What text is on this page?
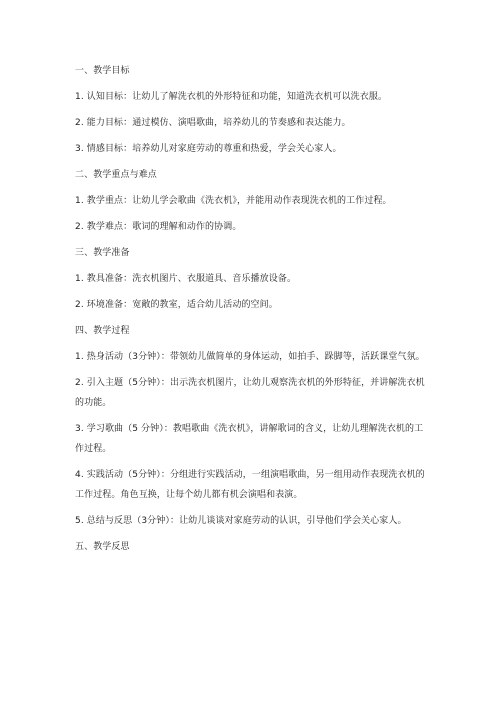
一、教学目标
1. 认知目标：让幼儿了解洗衣机的外形特征和功能，知道洗衣机可以洗衣服。
2. 能力目标：通过模仿、演唱歌曲，培养幼儿的节奏感和表达能力。
3. 情感目标：培养幼儿对家庭劳动的尊重和热爱，学会关心家人。
二、教学重点与难点
1. 教学重点：让幼儿学会歌曲《洗衣机》，并能用动作表现洗衣机的工作过程。
2. 教学难点：歌词的理解和动作的协调。
三、教学准备
1. 教具准备：洗衣机图片、衣服道具、音乐播放设备。
2. 环境准备：宽敞的教室，适合幼儿活动的空间。
四、教学过程
1. 热身活动（3分钟）：带领幼儿做简单的身体运动，如拍手、跺脚等，活跃课堂气氛。
2. 引入主题（5分钟）：出示洗衣机图片，让幼儿观察洗衣机的外形特征，并讲解洗衣机的功能。
3. 学习歌曲（5 分钟）：教唱歌曲《洗衣机》，讲解歌词的含义，让幼儿理解洗衣机的工作过程。
4. 实践活动（5分钟）：分组进行实践活动，一组演唱歌曲，另一组用动作表现洗衣机的工作过程。角色互换，让每个幼儿都有机会演唱和表演。
5. 总结与反思（3分钟）：让幼儿谈谈对家庭劳动的认识，引导他们学会关心家人。
五、教学反思
